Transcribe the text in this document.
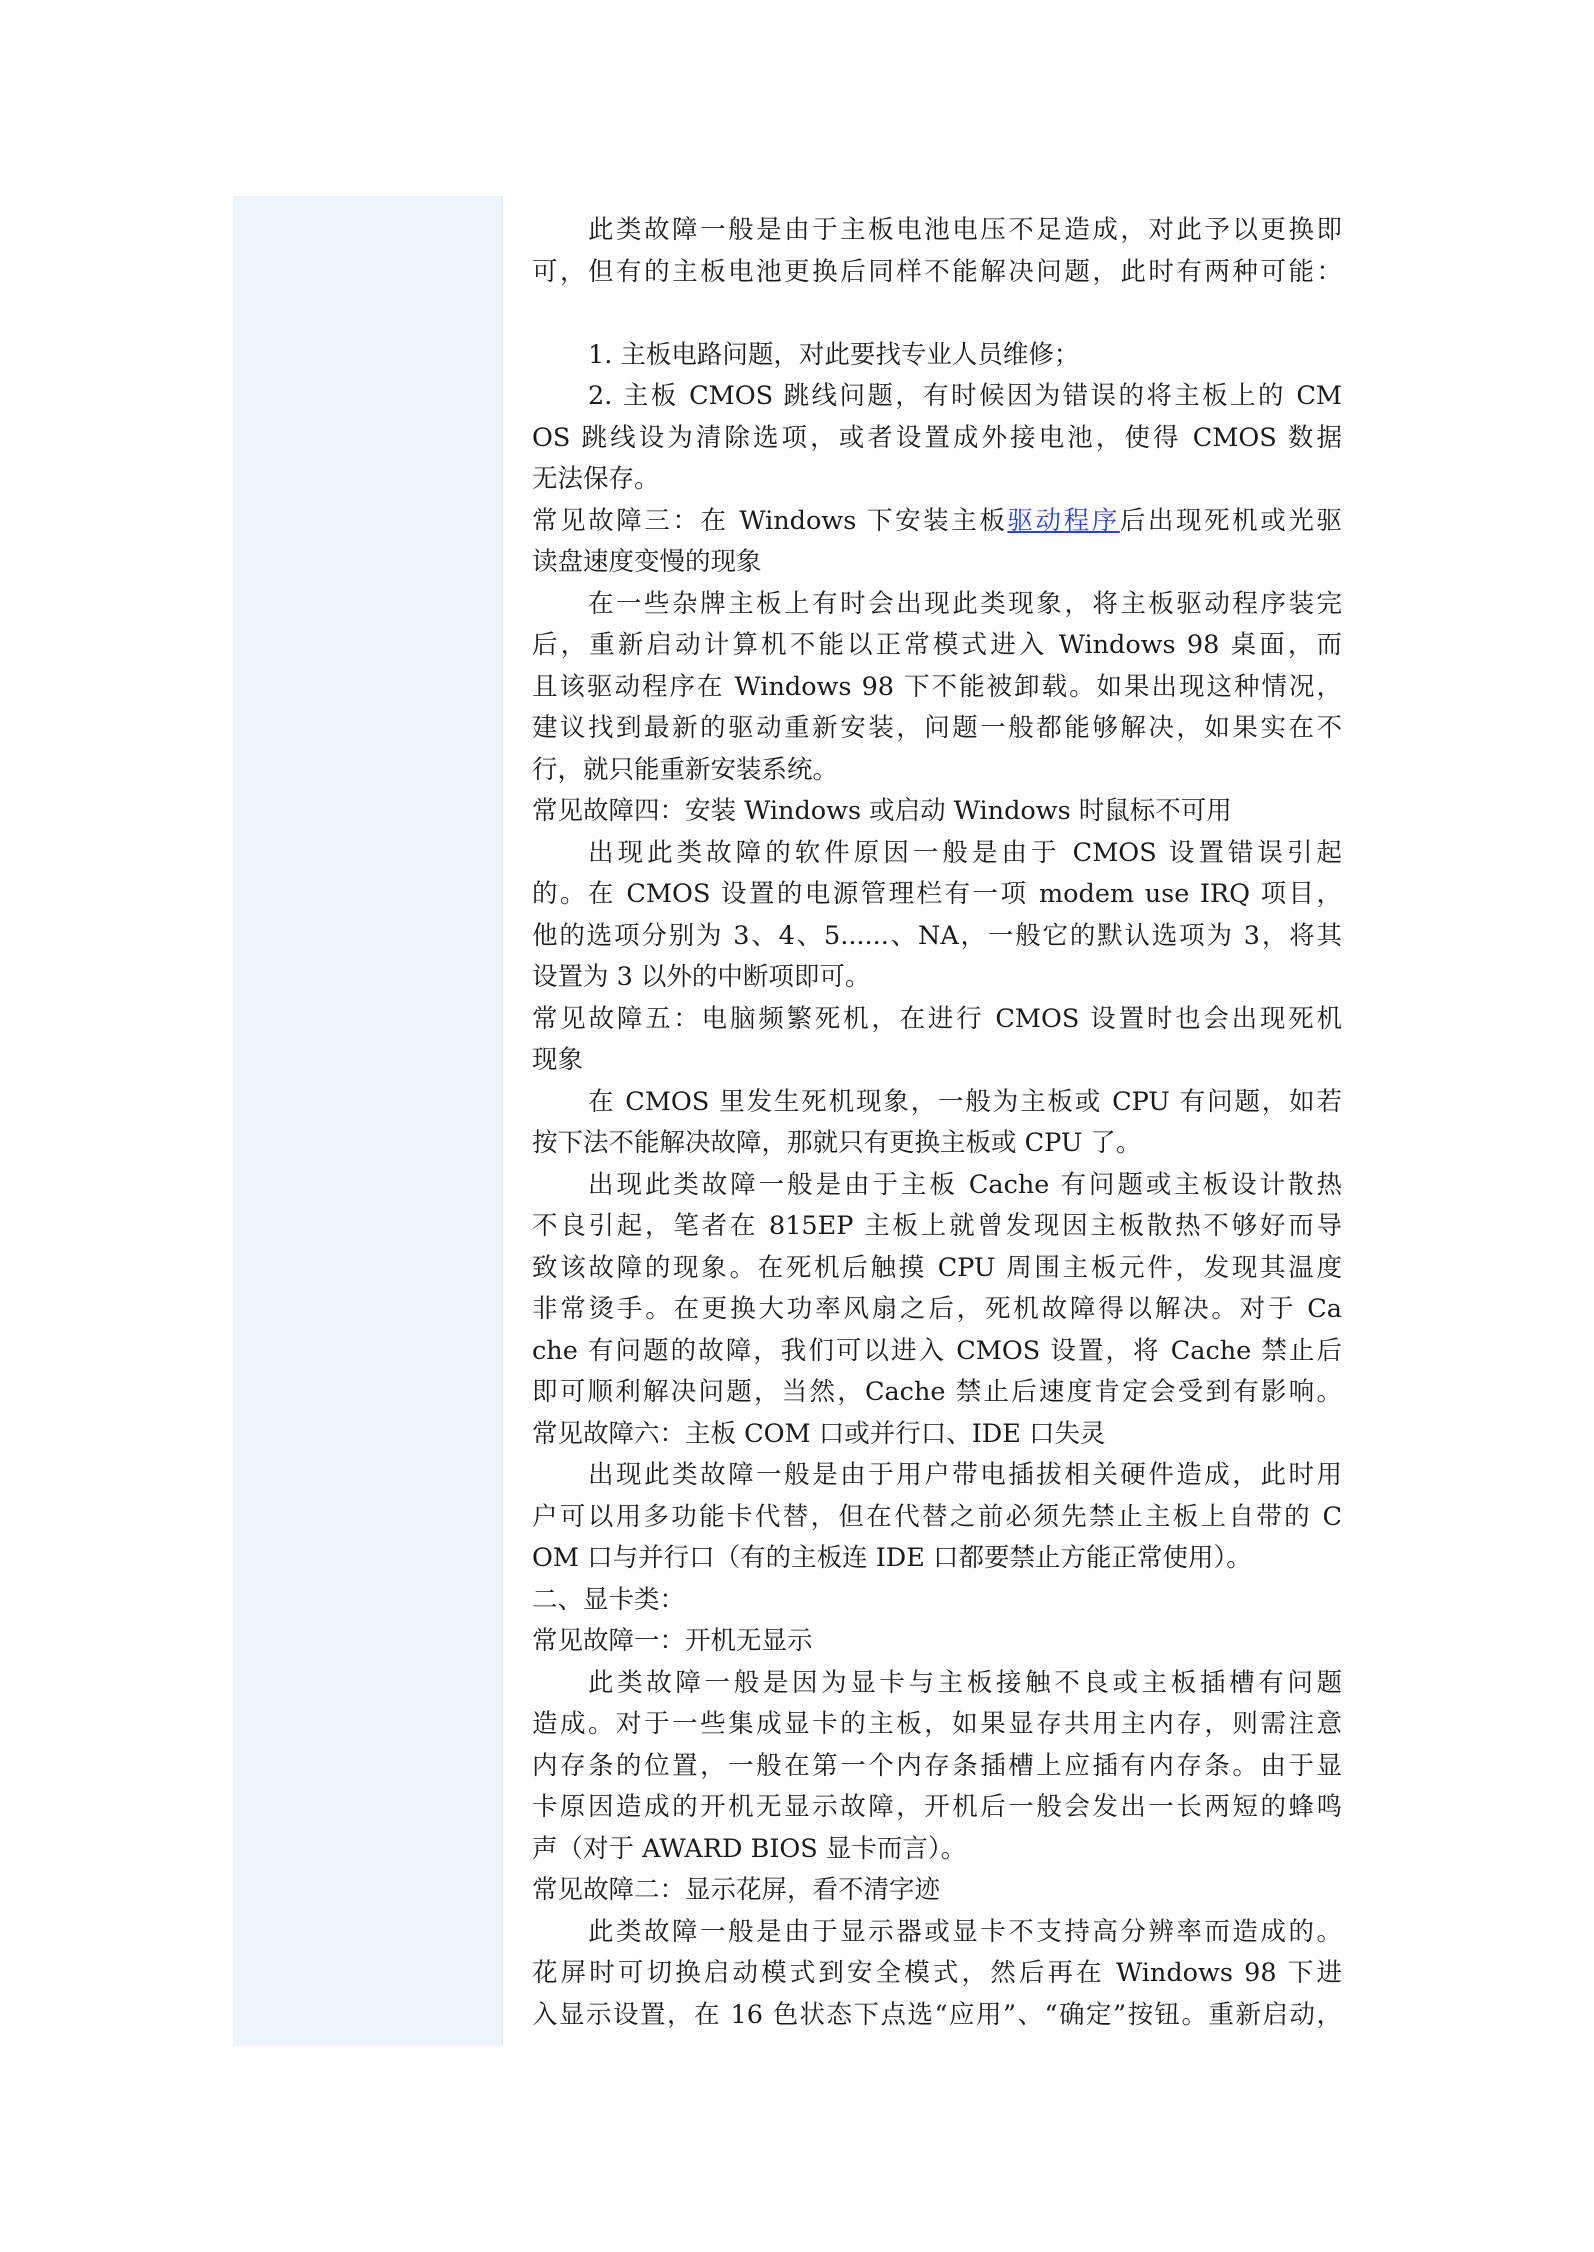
此类故障一般是由于主板电池电压不足造成，对此予以更换即
可，但有的主板电池更换后同样不能解决问题，此时有两种可能：
1. 主板电路问题，对此要找专业人员维修；
2. 主板 CMOS 跳线问题，有时候因为错误的将主板上的 CM
OS 跳线设为清除选项，或者设置成外接电池，使得 CMOS 数据
无法保存。
常见故障三：在 Windows 下安装主板驱动程序后出现死机或光驱
读盘速度变慢的现象
在一些杂牌主板上有时会出现此类现象，将主板驱动程序装完
后，重新启动计算机不能以正常模式进入 Windows 98 桌面，而
且该驱动程序在 Windows 98 下不能被卸载。如果出现这种情况，
建议找到最新的驱动重新安装，问题一般都能够解决，如果实在不
行，就只能重新安装系统。
常见故障四：安装 Windows 或启动 Windows 时鼠标不可用
出现此类故障的软件原因一般是由于 CMOS 设置错误引起
的。在 CMOS 设置的电源管理栏有一项 modem use IRQ 项目，
他的选项分别为 3、4、5......、NA，一般它的默认选项为 3，将其
设置为 3 以外的中断项即可。
常见故障五：电脑频繁死机，在进行 CMOS 设置时也会出现死机
现象
在 CMOS 里发生死机现象，一般为主板或 CPU 有问题，如若
按下法不能解决故障，那就只有更换主板或 CPU 了。
出现此类故障一般是由于主板 Cache 有问题或主板设计散热
不良引起，笔者在 815EP 主板上就曾发现因主板散热不够好而导
致该故障的现象。在死机后触摸 CPU 周围主板元件，发现其温度
非常烫手。在更换大功率风扇之后，死机故障得以解决。对于 Ca
che 有问题的故障，我们可以进入 CMOS 设置，将 Cache 禁止后
即可顺利解决问题，当然，Cache 禁止后速度肯定会受到有影响。
常见故障六：主板 COM 口或并行口、IDE 口失灵
出现此类故障一般是由于用户带电插拔相关硬件造成，此时用
户可以用多功能卡代替，但在代替之前必须先禁止主板上自带的 C
OM 口与并行口（有的主板连 IDE 口都要禁止方能正常使用）。
二、显卡类：
常见故障一：开机无显示
此类故障一般是因为显卡与主板接触不良或主板插槽有问题
造成。对于一些集成显卡的主板，如果显存共用主内存，则需注意
内存条的位置，一般在第一个内存条插槽上应插有内存条。由于显
卡原因造成的开机无显示故障，开机后一般会发出一长两短的蜂鸣
声（对于 AWARD BIOS 显卡而言）。
常见故障二：显示花屏，看不清字迹
此类故障一般是由于显示器或显卡不支持高分辨率而造成的。
花屏时可切换启动模式到安全模式，然后再在 Windows 98 下进
入显示设置，在 16 色状态下点选“应用”、“确定”按钮。重新启动，
